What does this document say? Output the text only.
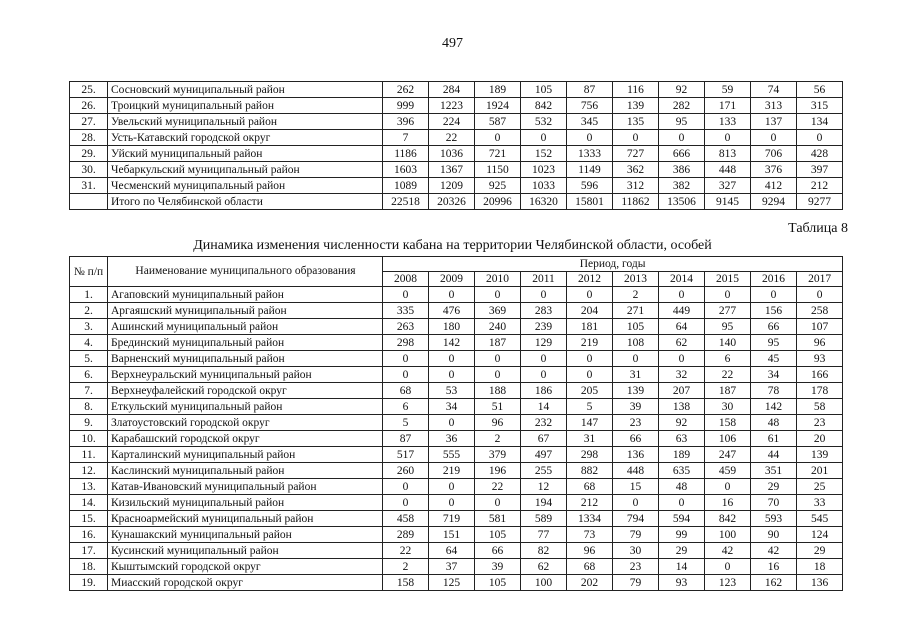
497
25.	Сосновский муниципальный район	262	284	189	105	87	116	92	59	74	56
26.	Троицкий муниципальный район	999	1223	1924	842	756	139	282	171	313	315
27.	Увельский муниципальный район	396	224	587	532	345	135	95	133	137	134
28.	Усть-Катавский городской округ	7	22	0	0	0	0	0	0	0	0
29.	Уйский муниципальный район	1186	1036	721	152	1333	727	666	813	706	428
30.	Чебаркульский муниципальный район	1603	1367	1150	1023	1149	362	386	448	376	397
31.	Чесменский муниципальный район	1089	1209	925	1033	596	312	382	327	412	212
	Итого по Челябинской области	22518	20326	20996	16320	15801	11862	13506	9145	9294	9277
Таблица 8
Динамика изменения численности кабана на территории Челябинской области, особей
№ п/п	Наименование муниципального образования	Период, годы									
		2008	2009	2010	2011	2012	2013	2014	2015	2016	2017
1.	Агаповский муниципальный район	0	0	0	0	0	2	0	0	0	0
2.	Аргаяшский муниципальный район	335	476	369	283	204	271	449	277	156	258
3.	Ашинский муниципальный район	263	180	240	239	181	105	64	95	66	107
4.	Брединский муниципальный район	298	142	187	129	219	108	62	140	95	96
5.	Варненский муниципальный район	0	0	0	0	0	0	0	6	45	93
6.	Верхнеуральский муниципальный район	0	0	0	0	0	31	32	22	34	166
7.	Верхнеуфалейский городской округ	68	53	188	186	205	139	207	187	78	178
8.	Еткульский муниципальный район	6	34	51	14	5	39	138	30	142	58
9.	Златоустовский городской округ	5	0	96	232	147	23	92	158	48	23
10.	Карабашский городской округ	87	36	2	67	31	66	63	106	61	20
11.	Карталинский муниципальный район	517	555	379	497	298	136	189	247	44	139
12.	Каслинский муниципальный район	260	219	196	255	882	448	635	459	351	201
13.	Катав-Ивановский муниципальный район	0	0	22	12	68	15	48	0	29	25
14.	Кизильский муниципальный район	0	0	0	194	212	0	0	16	70	33
15.	Красноармейский муниципальный район	458	719	581	589	1334	794	594	842	593	545
16.	Кунашакский муниципальный район	289	151	105	77	73	79	99	100	90	124
17.	Кусинский муниципальный район	22	64	66	82	96	30	29	42	42	29
18.	Кыштымский городской округ	2	37	39	62	68	23	14	0	16	18
19.	Миасский городской округ	158	125	105	100	202	79	93	123	162	136
